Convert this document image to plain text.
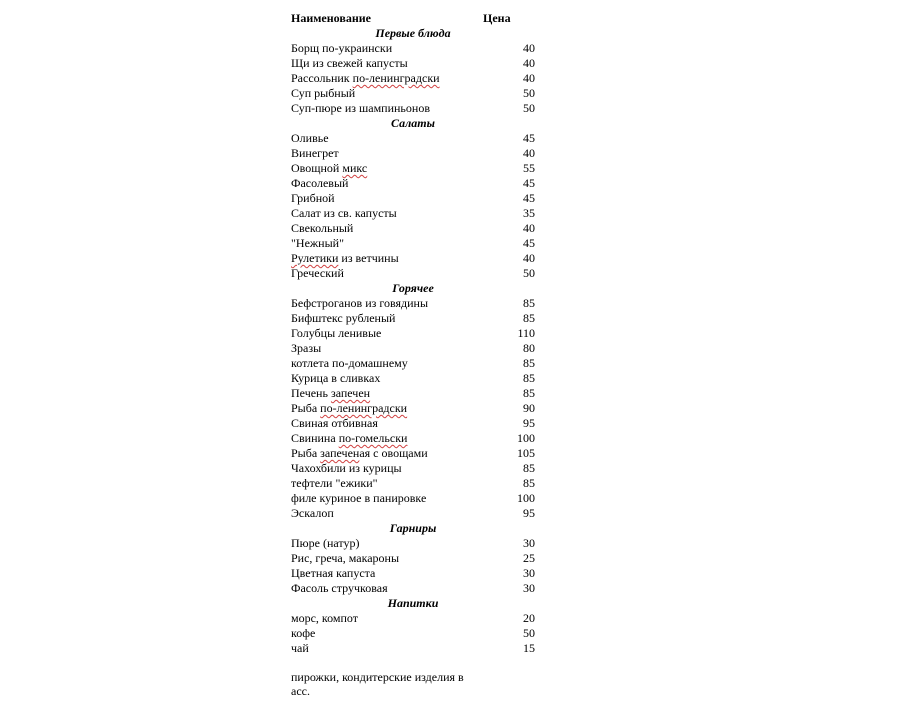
Наименование	Цена
Первые блюда
Борщ по-украински	40
Щи из свежей капусты	40
Рассольник по-ленинградски	40
Суп рыбный	50
Суп-пюре из шампиньонов	50
Салаты
Оливье	45
Винегрет	40
Овощной микс	55
Фасолевый	45
Грибной	45
Салат из св. капусты	35
Свекольный	40
"Нежный"	45
Рулетики из ветчины	40
Греческий	50
Горячее
Бефстроганов из говядины	85
Бифштекс рубленый	85
Голубцы ленивые	110
Зразы	80
котлета по-домашнему	85
Курица в сливках	85
Печень запечен	85
Рыба по-ленинградски	90
Свиная отбивная	95
Свинина по-гомельски	100
Рыба запеченая с овощами	105
Чахохбили из курицы	85
тефтели "ежики"	85
филе куриное в панировке	100
Эскалоп	95
Гарниры
Пюре (натур)	30
Рис, греча, макароны	25
Цветная капуста	30
Фасоль стручковая	30
Напитки
морс, компот	20
кофе	50
чай	15
пирожки, кондитерские изделия в асс.
